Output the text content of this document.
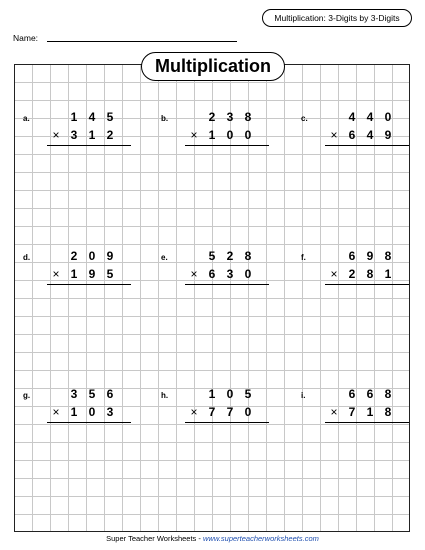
Multiplication: 3-Digits by 3-Digits
Name:
Multiplication
a.	1 4 5
× 3 1 2
b.	2 3 8
× 1 0 0
c.	4 4 0
× 6 4 9
d.	2 0 9
× 1 9 5
e.	5 2 8
× 6 3 0
f.	6 9 8
× 2 8 1
g.	3 5 6
× 1 0 3
h.	1 0 5
× 7 7 0
i.	6 6 8
× 7 1 8
Super Teacher Worksheets - www.superteacherworksheets.com
